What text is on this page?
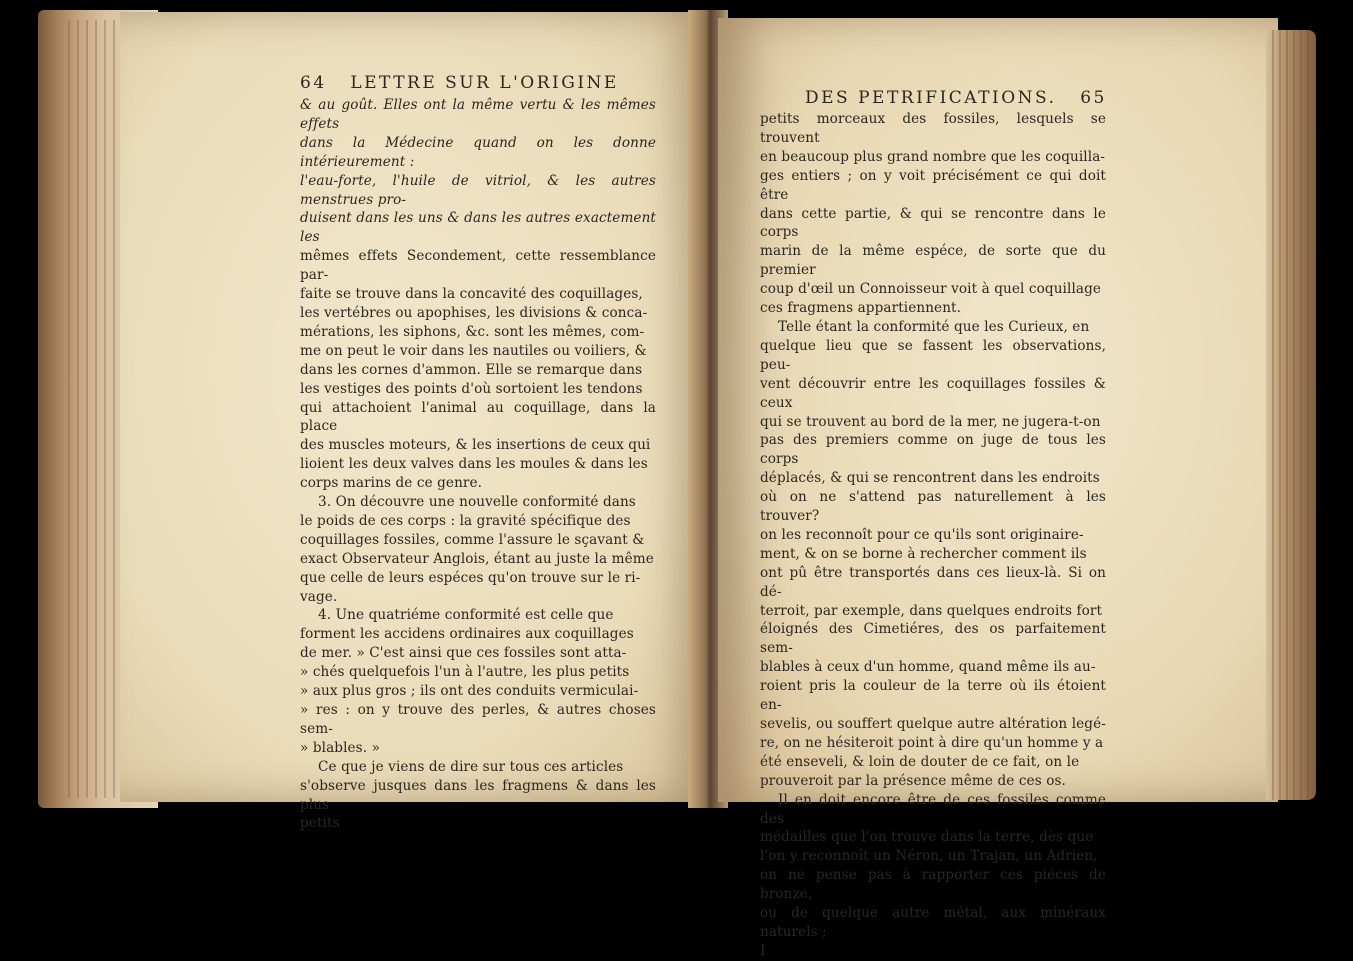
64 LETTRE SUR L'ORIGINE

& au goût. Elles ont la même vertu & les mêmes effets

dans la Médecine quand on les donne intérieurement :

l'eau-forte, l'huile de vitriol, & les autres menstrues pro-

duisent dans les uns & dans les autres exactement les

mêmes effets Secondement, cette ressemblance par-

faite se trouve dans la concavité des coquillages,

les vertébres ou apophises, les divisions & conca-

mérations, les siphons, &c. sont les mêmes, com-

me on peut le voir dans les nautiles ou voiliers, &

dans les cornes d'ammon. Elle se remarque dans

les vestiges des points d'où sortoient les tendons

qui attachoient l'animal au coquillage, dans la place

des muscles moteurs, & les insertions de ceux qui

lioient les deux valves dans les moules & dans les

corps marins de ce genre.

3. On découvre une nouvelle conformité dans

le poids de ces corps : la gravité spécifique des

coquillages fossiles, comme l'assure le sçavant &

exact Observateur Anglois, étant au juste la même

que celle de leurs espéces qu'on trouve sur le ri-

vage.

4. Une quatriéme conformité est celle que

forment les accidens ordinaires aux coquillages

de mer. » C'est ainsi que ces fossiles sont atta-

» chés quelquefois l'un à l'autre, les plus petits

» aux plus gros ; ils ont des conduits vermiculai-

» res : on y trouve des perles, & autres choses sem-

» blables. »

Ce que je viens de dire sur tous ces articles

s'observe jusques dans les fragmens & dans les plus

petits

DES PETRIFICATIONS. 65

petits morceaux des fossiles, lesquels se trouvent

en beaucoup plus grand nombre que les coquilla-

ges entiers ; on y voit précisément ce qui doit être

dans cette partie, & qui se rencontre dans le corps

marin de la même espéce, de sorte que du premier

coup d'œil un Connoisseur voit à quel coquillage

ces fragmens appartiennent.

Telle étant la conformité que les Curieux, en

quelque lieu que se fassent les observations, peu-

vent découvrir entre les coquillages fossiles & ceux

qui se trouvent au bord de la mer, ne jugera-t-on

pas des premiers comme on juge de tous les corps

déplacés, & qui se rencontrent dans les endroits

où on ne s'attend pas naturellement à les trouver?

on les reconnoît pour ce qu'ils sont originaire-

ment, & on se borne à rechercher comment ils

ont pû être transportés dans ces lieux-là. Si on dé-

terroit, par exemple, dans quelques endroits fort

éloignés des Cimetiéres, des os parfaitement sem-

blables à ceux d'un homme, quand même ils au-

roient pris la couleur de la terre où ils étoient en-

sevelis, ou souffert quelque autre altération legé-

re, on ne hésiteroit point à dire qu'un homme y a

été enseveli, & loin de douter de ce fait, on le

prouveroit par la présence même de ces os.

Il en doit encore être de ces fossiles comme des

médailles que l'on trouve dans la terre, dès que

l'on y reconnoît un Néron, un Trajan, un Adrien,

on ne pense pas à rapporter ces piéces de bronze,

ou de quelque autre métal, aux minéraux naturels ;

I
